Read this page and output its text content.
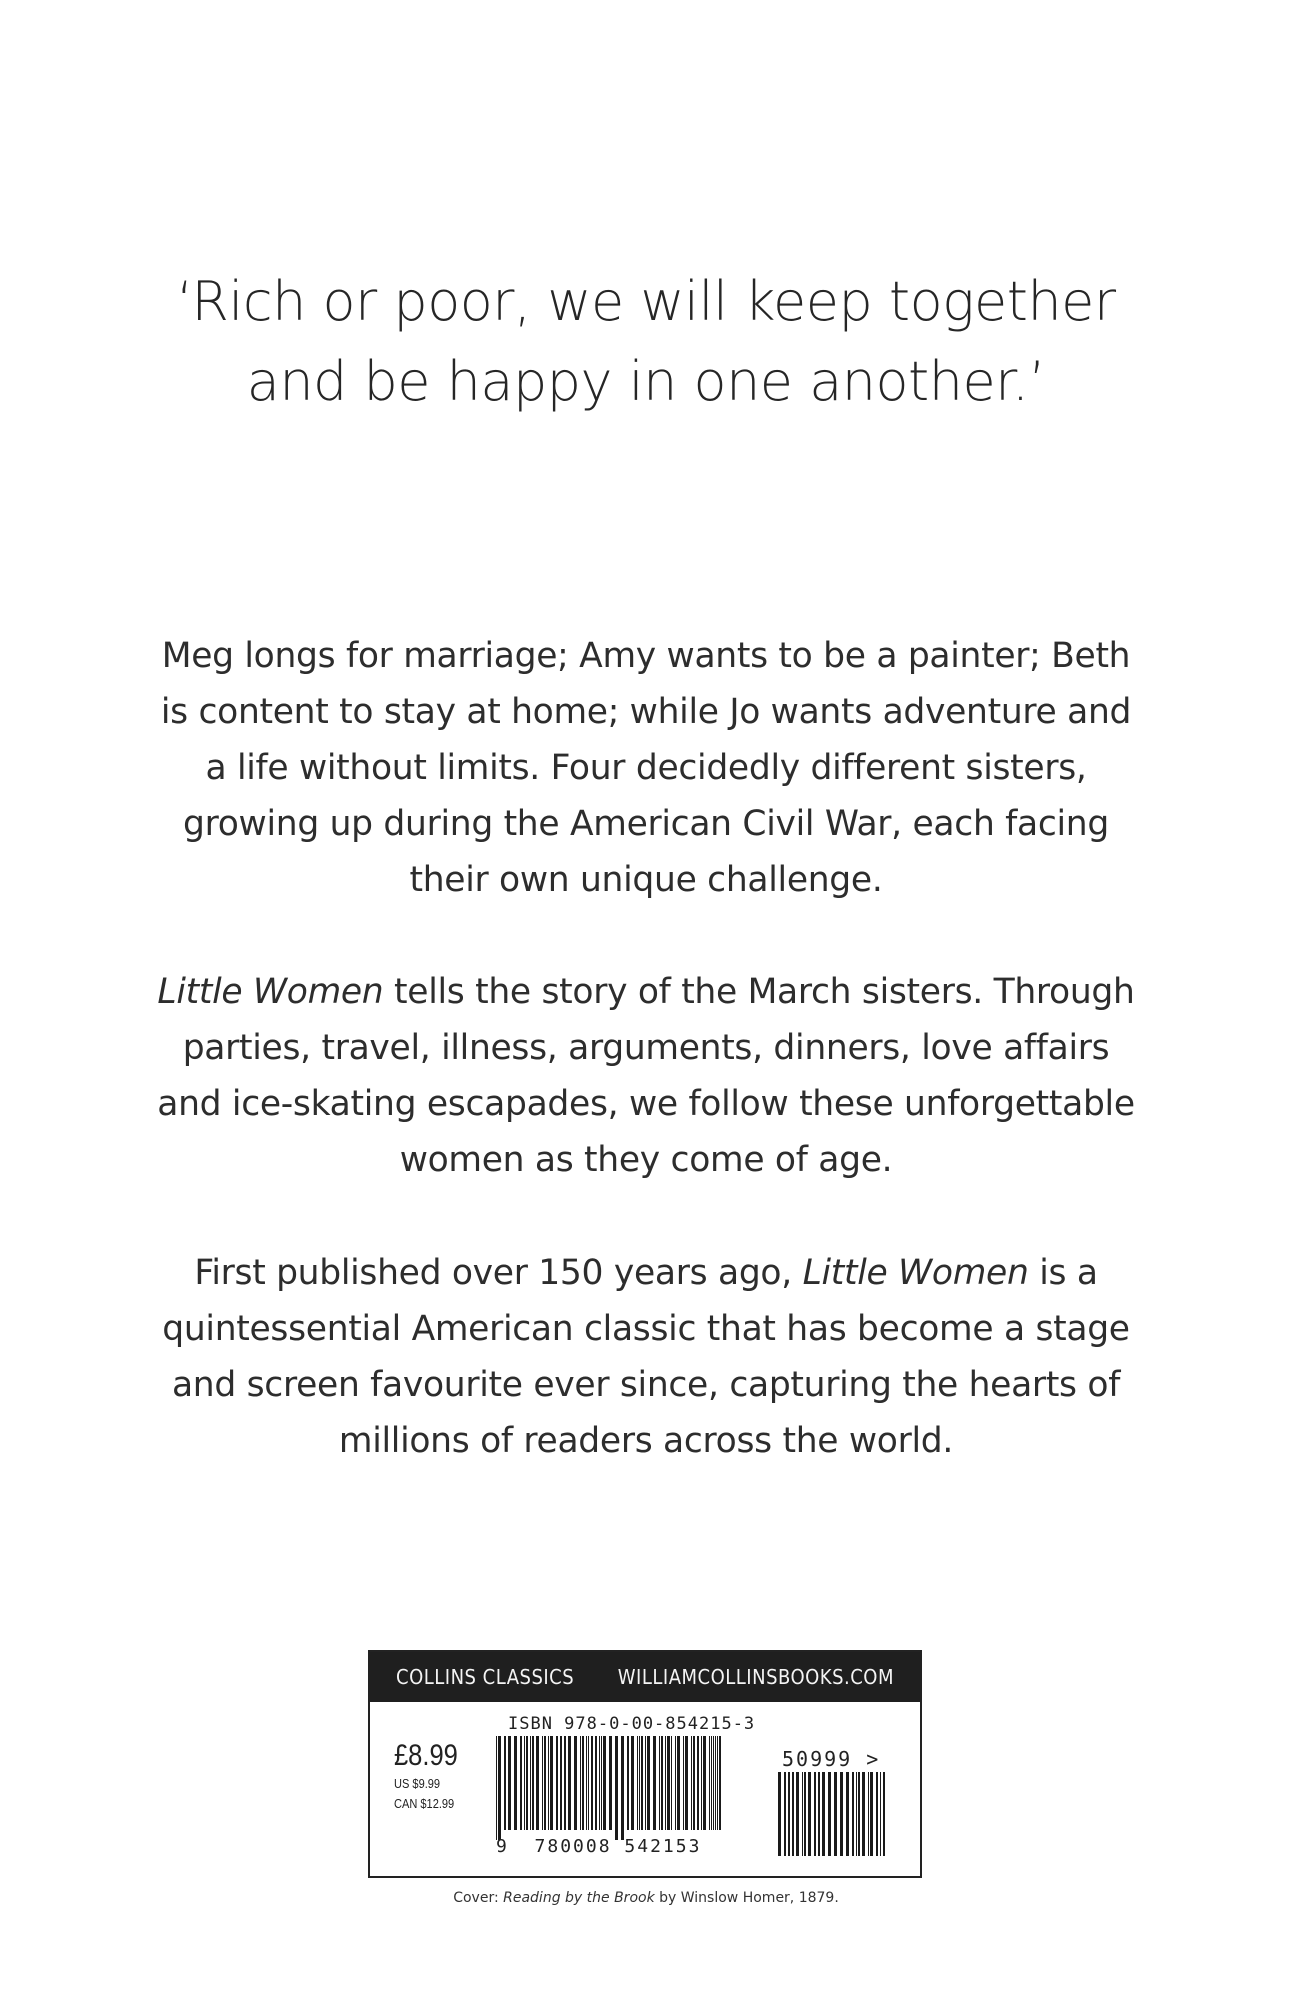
‘Rich or poor, we will keep together
and be happy in one another.’

Meg longs for marriage; Amy wants to be a painter; Beth is content to stay at home; while Jo wants adventure and a life without limits. Four decidedly different sisters, growing up during the American Civil War, each facing their own unique challenge.

Little Women tells the story of the March sisters. Through parties, travel, illness, arguments, dinners, love affairs and ice-skating escapades, we follow these unforgettable women as they come of age.

First published over 150 years ago, Little Women is a quintessential American classic that has become a stage and screen favourite ever since, capturing the hearts of millions of readers across the world.

COLLINS CLASSICS WILLIAMCOLLINSBOOKS.COM
ISBN 978-0-00-854215-3
£8.99
US $9.99
CAN $12.99
9 780008 542153
50999 >
Cover: Reading by the Brook by Winslow Homer, 1879.
